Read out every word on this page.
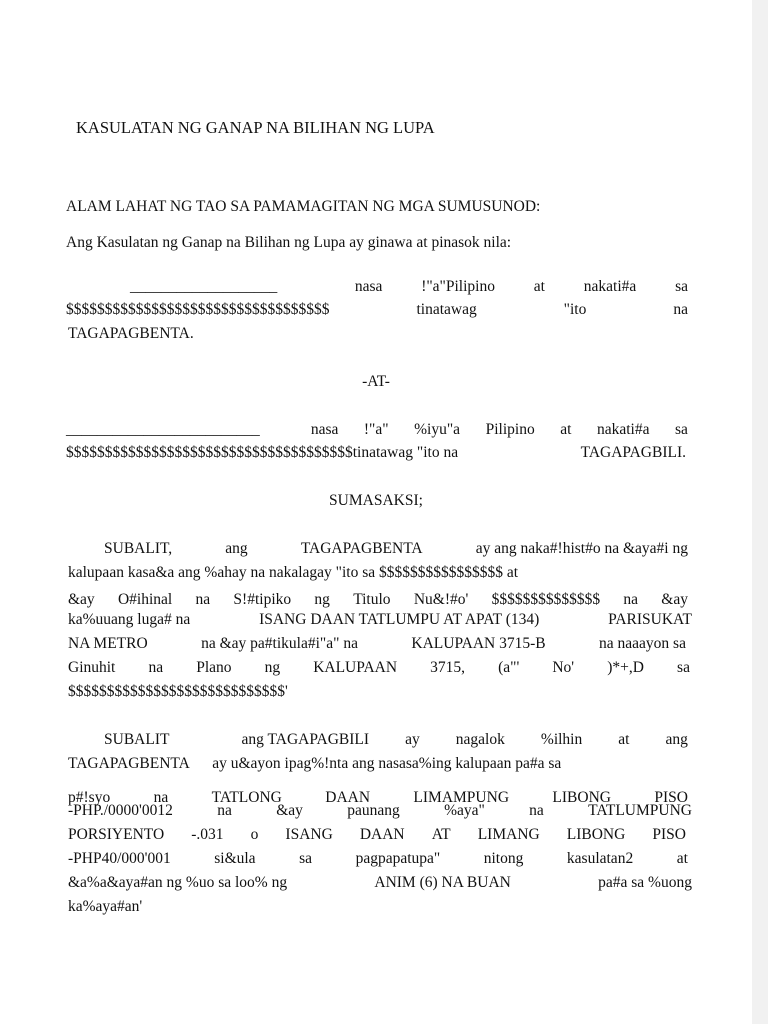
KASULATAN NG GANAP NA BILIHAN NG LUPA
ALAM LAHAT NG TAO SA PAMAMAGITAN NG MGA SUMUSUNOD:
Ang Kasulatan ng Ganap na Bilihan ng Lupa ay ginawa at pinasok nila:
___________________	nasa	!"a"Pilipino	at	nakati#a	sa
$$$$$$$$$$$$$$$$$$$$$$$$$$$$$$$$$$	tinatawag	"ito	na
TAGAPAGBENTA.
-AT-
_________________________	nasa !"a" %iyu"a Pilipino at nakati#a sa
$$$$$$$$$$$$$$$$$$$$$$$$$$$$$$$$$$$$$tinatawag "ito na	TAGAPAGBILI.
SUMASAKSI;
SUBALIT,	ang	TAGAPAGBENTA	ay ang naka#!hist#o na &aya#i ng
kalupaan kasa&a ang %ahay na nakalagay "ito sa $$$$$$$$$$$$$$$$ at
&ay O#ihinal na S!#tipiko ng Titulo Nu&!#o' $$$$$$$$$$$$$$ na &ay
ka%uuang luga# na	ISANG DAAN TATLUMPU AT APAT (134)	PARISUKAT
NA METRO	na &ay pa#tikula#i"a" na	KALUPAAN 3715-B	na naaayon sa
Ginuhit na Plano ng KALUPAAN 3715, (a"' No' )*+,D sa
$$$$$$$$$$$$$$$$$$$$$$$$$$$$'
SUBALIT	ang TAGAPAGBILI ay nagalok %ilhin at ang
TAGAPAGBENTA      ay u&ayon ipag%!nta ang nasasa%ing kalupaan pa#a sa
p#!syo	na	TATLONG	DAAN	LIMAMPUNG	LIBONG	PISO
-PHP./0000'0012	na	&ay	paunang	%aya"	na	TATLUMPUNG
PORSIYENTO -.031 o ISANG DAAN AT LIMANG LIBONG PISO
-PHP40/000'001	si&ula	sa	pagpapatupa"	nitong	kasulatan2	at
&a%a&aya#an ng %uo sa loo% ng	ANIM (6) NA BUAN	pa#a sa %uong
ka%aya#an'
